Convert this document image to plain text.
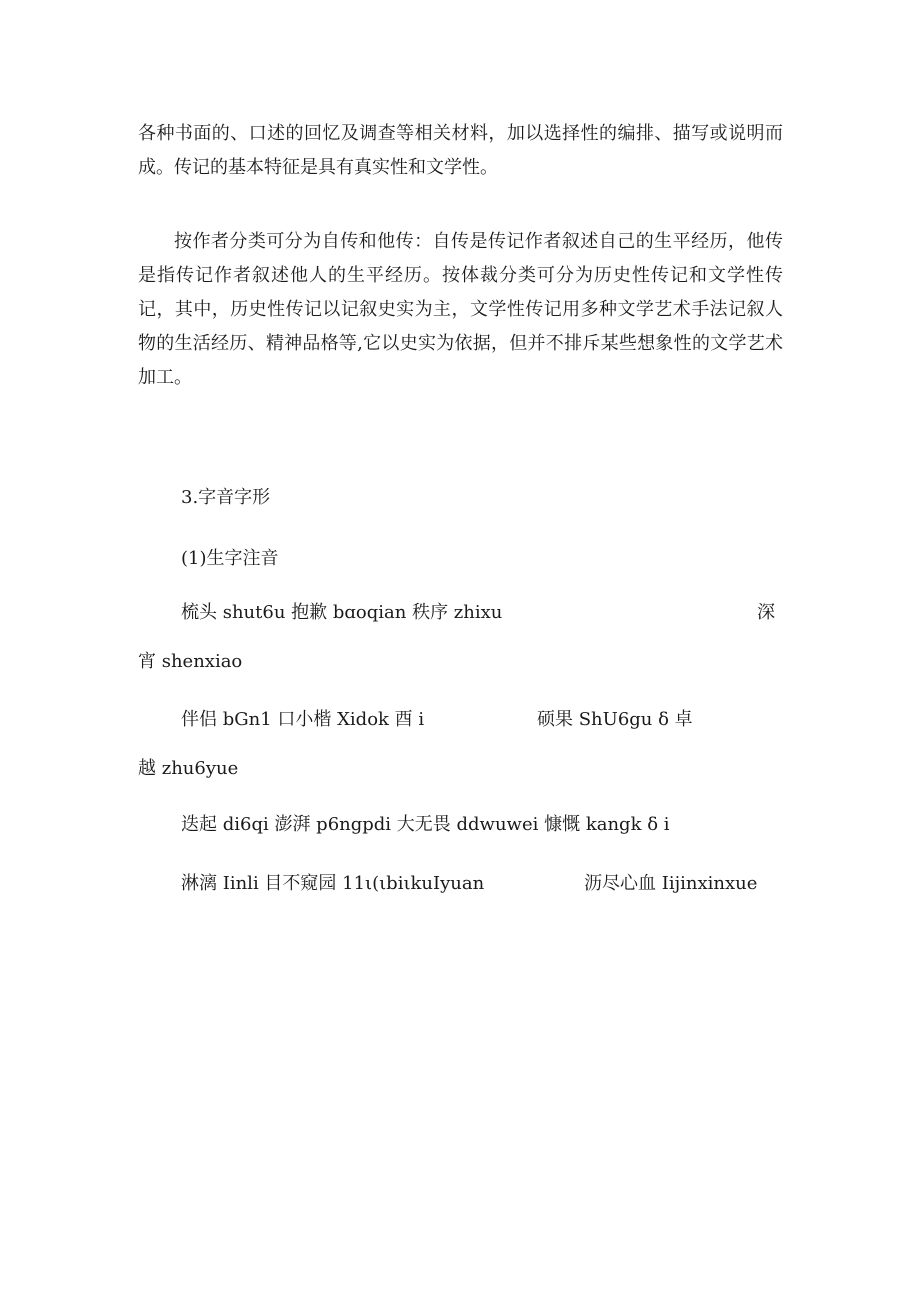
各种书面的、口述的回忆及调查等相关材料，加以选择性的编排、描写或说明而成。传记的基本特征是具有真实性和文学性。

按作者分类可分为自传和他传：自传是传记作者叙述自己的生平经历，他传是指传记作者叙述他人的生平经历。按体裁分类可分为历史性传记和文学性传记，其中，历史性传记以记叙史实为主，文学性传记用多种文学艺术手法记叙人物的生活经历、精神品格等,它以史实为依据，但并不排斥某些想象性的文学艺术加工。

3.字音字形
(1)生字注音
梳头 shut6u 抱歉 bɑoqian 秩序 zhixu	深
宵 shenxiao
伴侣 bGn1 口小楷 Xidok 酉 i	硕果 ShU6gu δ 卓
越 zhu6yue
迭起 di6qi 澎湃 p6ngpdi 大无畏 ddwuwei 慷慨 kangk δ i
淋漓 Iinli 目不窥园 11ι(ιbiιkuIyuan	沥尽心血 Iijinxinxue
